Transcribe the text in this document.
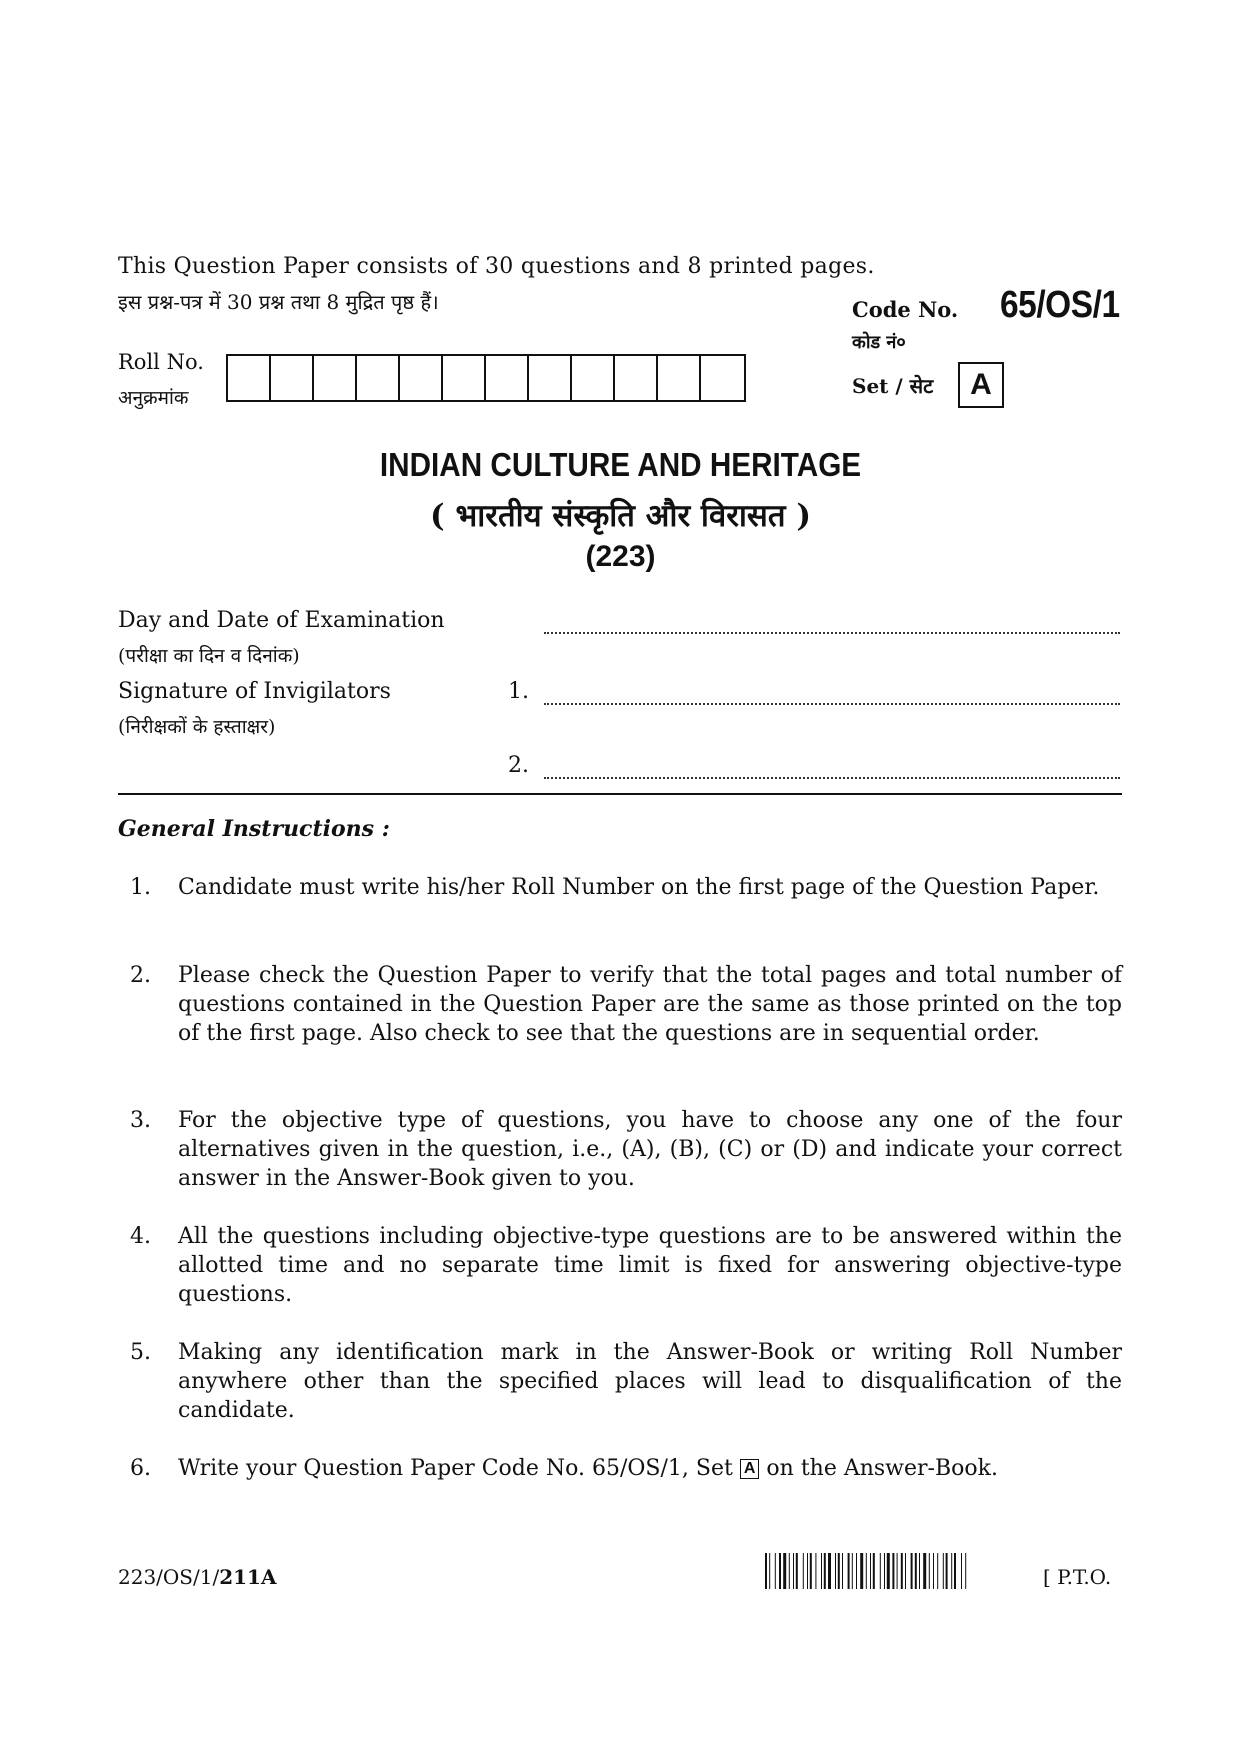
This Question Paper consists of 30 questions and 8 printed pages.
इस प्रश्न-पत्र में 30 प्रश्न तथा 8 मुद्रित पृष्ठ हैं।	Code No. 65/OS/1
कोड नं०
Set / सेट	A
Roll No.
अनुक्रमांक
INDIAN CULTURE AND HERITAGE
( भारतीय संस्कृति और विरासत )
(223)
Day and Date of Examination
(परीक्षा का दिन व दिनांक)
Signature of Invigilators
(निरीक्षकों के हस्ताक्षर)
1.
2.
General Instructions :
1.	Candidate must write his/her Roll Number on the first page of the Question Paper.
2.	Please check the Question Paper to verify that the total pages and total number of questions contained in the Question Paper are the same as those printed on the top of the first page. Also check to see that the questions are in sequential order.
3.	For the objective type of questions, you have to choose any one of the four alternatives given in the question, i.e., (A), (B), (C) or (D) and indicate your correct answer in the Answer-Book given to you.
4.	All the questions including objective-type questions are to be answered within the allotted time and no separate time limit is fixed for answering objective-type questions.
5.	Making any identification mark in the Answer-Book or writing Roll Number anywhere other than the specified places will lead to disqualification of the candidate.
6.	Write your Question Paper Code No. 65/OS/1, Set A on the Answer-Book.
223/OS/1/211A	[ P.T.O.
